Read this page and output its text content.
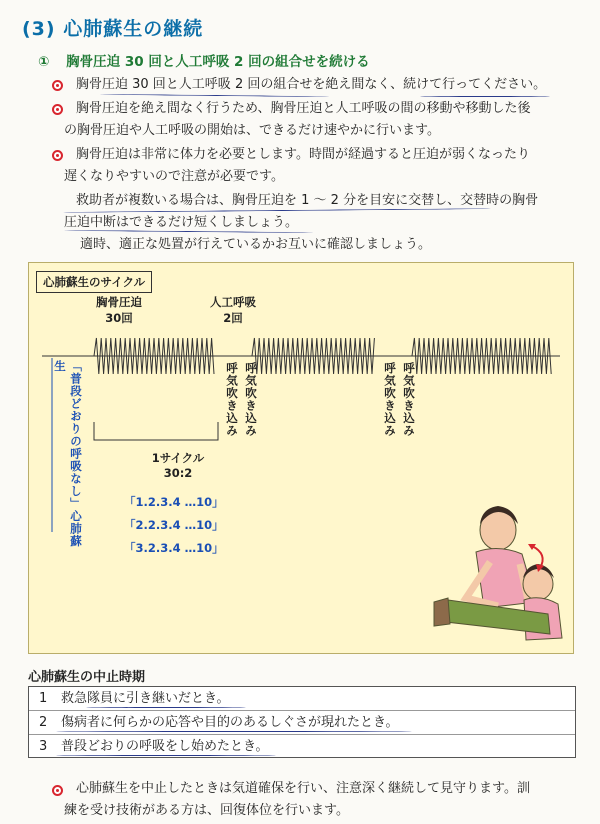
(3) 心肺蘇生の継続
① 胸骨圧迫 30 回と人工呼吸 2 回の組合せを続ける
胸骨圧迫 30 回と人工呼吸 2 回の組合せを絶え間なく、続けて行ってください。
胸骨圧迫を絶え間なく行うため、胸骨圧迫と人工呼吸の間の移動や移動した後
の胸骨圧迫や人工呼吸の開始は、できるだけ速やかに行います。
胸骨圧迫は非常に体力を必要とします。時間が経過すると圧迫が弱くなったり
遅くなりやすいので注意が必要です。
救助者が複数いる場合は、胸骨圧迫を 1 ～ 2 分を目安に交替し、交替時の胸骨
圧迫中断はできるだけ短くしましょう。
適時、適正な処置が行えているかお互いに確認しましょう。
心肺蘇生のサイクル
胸骨圧迫
30回
人工呼吸
2回
呼気吹き込み
呼気吹き込み	呼気吹き込み
呼気吹き込み
「普段どおりの呼吸なし」心肺蘇生
1サイクル
30:2
「1.2.3.4 …10」
「2.2.3.4 …10」
「3.2.3.4 …10」
心肺蘇生の中止時期
1 救急隊員に引き継いだとき。
2 傷病者に何らかの応答や目的のあるしぐさが現れたとき。
3 普段どおりの呼吸をし始めたとき。
心肺蘇生を中止したときは気道確保を行い、注意深く継続して見守ります。訓
練を受け技術がある方は、回復体位を行います。
